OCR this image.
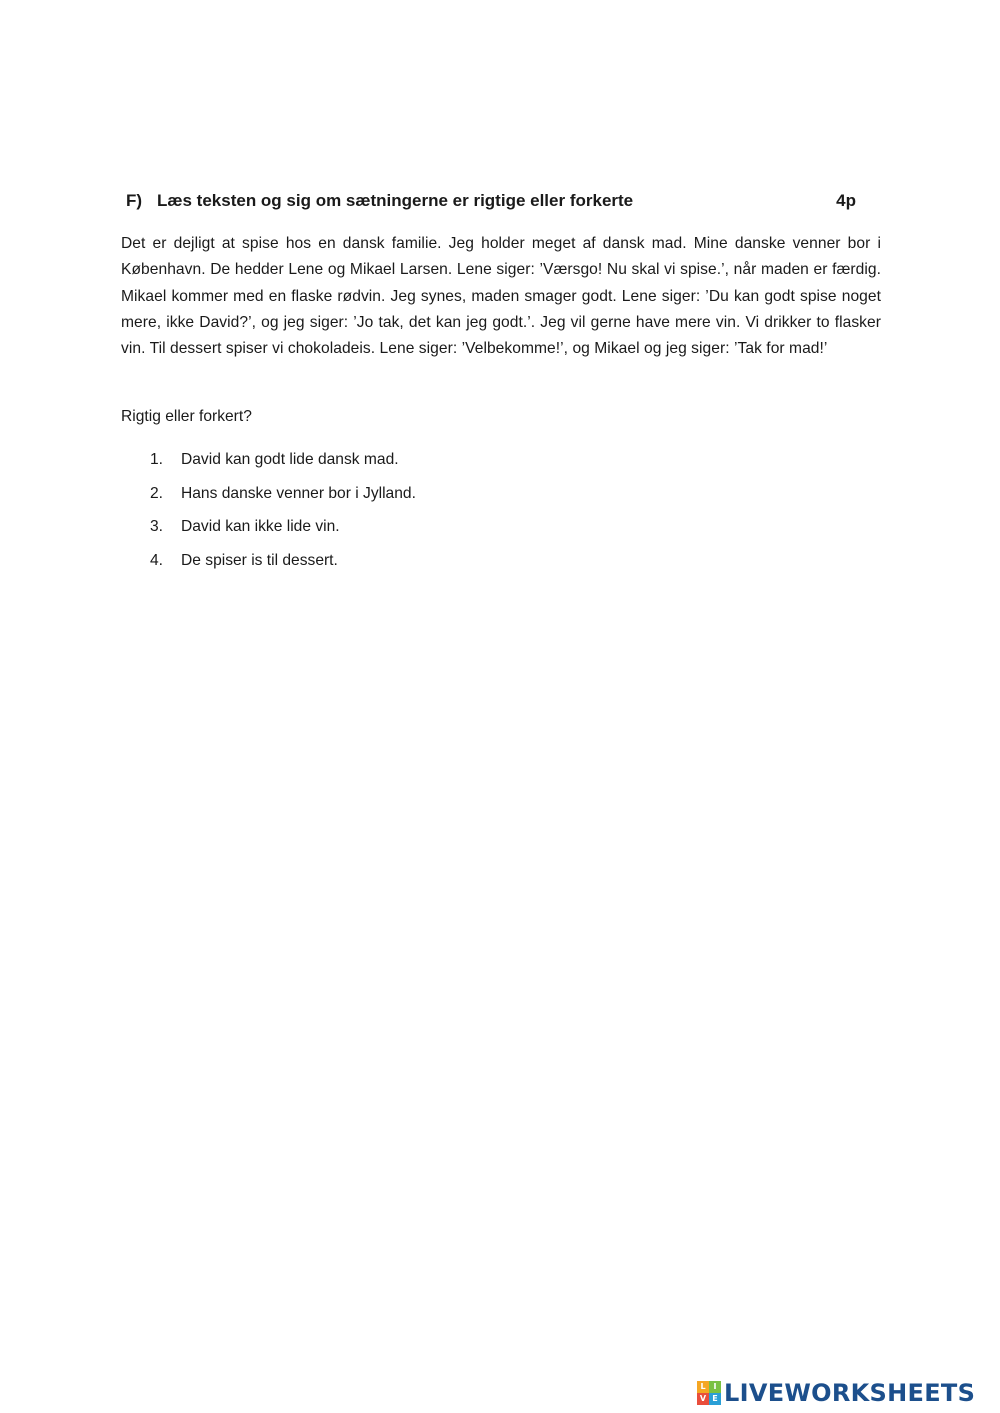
F) Læs teksten og sig om sætningerne er rigtige eller forkerte	4p
Det er dejligt at spise hos en dansk familie. Jeg holder meget af dansk mad. Mine danske venner bor i København. De hedder Lene og Mikael Larsen. Lene siger: ’Værsgo! Nu skal vi spise.’, når maden er færdig. Mikael kommer med en flaske rødvin. Jeg synes, maden smager godt. Lene siger: ’Du kan godt spise noget mere, ikke David?’, og jeg siger: ’Jo tak, det kan jeg godt.’. Jeg vil gerne have mere vin. Vi drikker to flasker vin. Til dessert spiser vi chokoladeis. Lene siger: ’Velbekomme!’, og Mikael og jeg siger: ’Tak for mad!’
Rigtig eller forkert?
1.	David kan godt lide dansk mad.
2.	Hans danske venner bor i Jylland.
3.	David kan ikke lide vin.
4.	De spiser is til dessert.
L I
V E LIVEWORKSHEETS
